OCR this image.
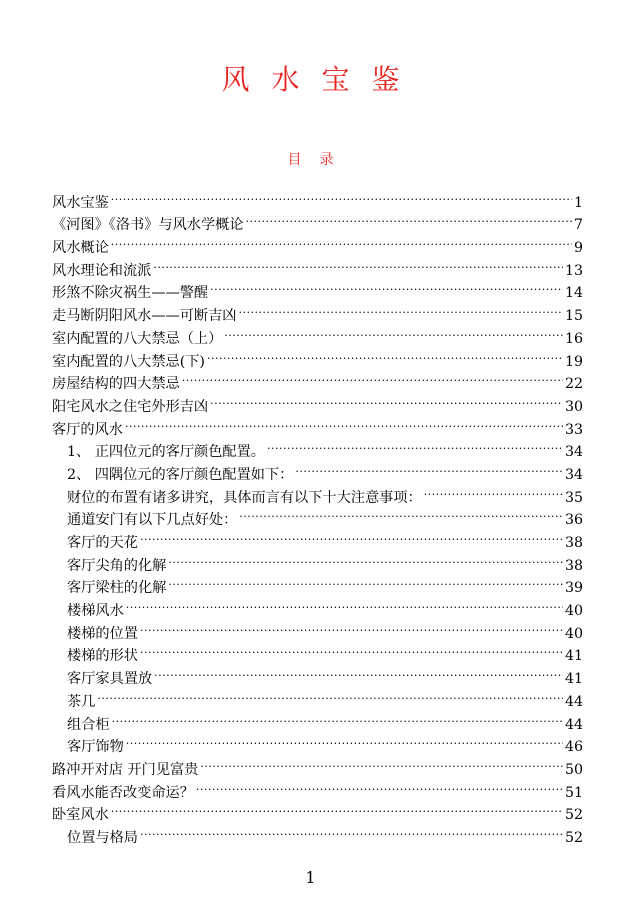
风水宝鉴
目录
风水宝鉴 .....	1
《河图》《洛书》与风水学概论 .....	7
风水概论 .....	9
风水理论和流派 .....	13
形煞不除灾祸生——警醒 .....	14
走马断阴阳风水——可断吉凶 .....	15
室内配置的八大禁忌（上） .....	16
室内配置的八大禁忌(下) .....	19
房屋结构的四大禁忌 .....	22
阳宅风水之住宅外形吉凶 .....	30
客厅的风水 .....	33
1、 正四位元的客厅颜色配置。 .....	34
2、 四隅位元的客厅颜色配置如下： .....	34
财位的布置有诸多讲究，具体而言有以下十大注意事项： .....	35
通道安门有以下几点好处： .....	36
客厅的天花 .....	38
客厅尖角的化解 .....	38
客厅梁柱的化解 .....	39
楼梯风水 .....	40
楼梯的位置 .....	40
楼梯的形状 .....	41
客厅家具置放 .....	41
茶几 .....	44
组合柜 .....	44
客厅饰物 .....	46
路冲开对店 开门见富贵 .....	50
看风水能否改变命运？ .....	51
卧室风水 .....	52
位置与格局 .....	52
1
